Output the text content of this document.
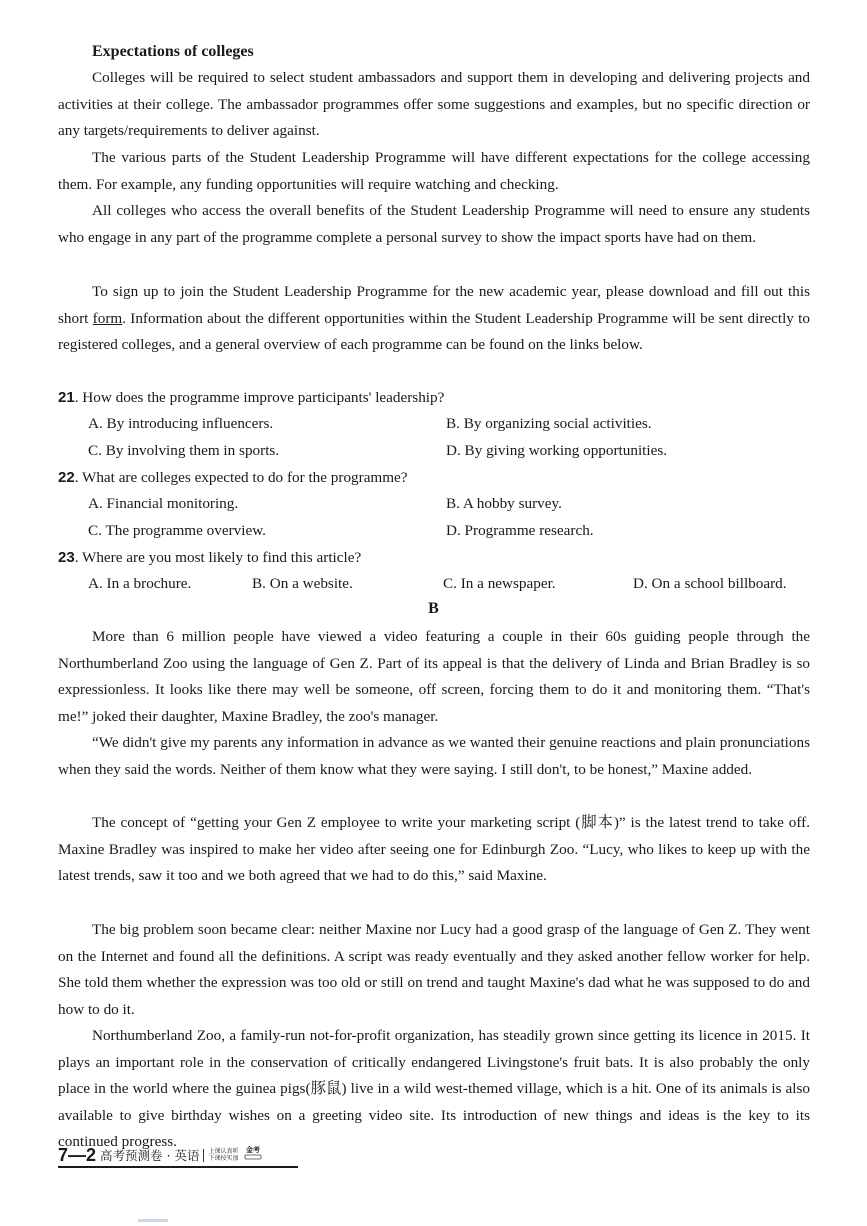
Expectations of colleges
Colleges will be required to select student ambassadors and support them in developing and delivering projects and activities at their college. The ambassador programmes offer some suggestions and examples, but no specific direction or any targets/requirements to deliver against.
The various parts of the Student Leadership Programme will have different expectations for the college accessing them. For example, any funding opportunities will require watching and checking.
All colleges who access the overall benefits of the Student Leadership Programme will need to ensure any students who engage in any part of the programme complete a personal survey to show the impact sports have had on them.
To sign up to join the Student Leadership Programme for the new academic year, please download and fill out this short form. Information about the different opportunities within the Student Leadership Programme will be sent directly to registered colleges, and a general overview of each programme can be found on the links below.
21. How does the programme improve participants' leadership?
A. By introducing influencers.	B. By organizing social activities.
C. By involving them in sports.	D. By giving working opportunities.
22. What are colleges expected to do for the programme?
A. Financial monitoring.	B. A hobby survey.
C. The programme overview.	D. Programme research.
23. Where are you most likely to find this article?
A. In a brochure.	B. On a website.	C. In a newspaper.	D. On a school billboard.
B
More than 6 million people have viewed a video featuring a couple in their 60s guiding people through the Northumberland Zoo using the language of Gen Z. Part of its appeal is that the delivery of Linda and Brian Bradley is so expressionless. It looks like there may well be someone, off screen, forcing them to do it and monitoring them. “That's me!” joked their daughter, Maxine Bradley, the zoo's manager.
“We didn't give my parents any information in advance as we wanted their genuine reactions and plain pronunciations when they said the words. Neither of them know what they were saying. I still don't, to be honest,” Maxine added.
The concept of “getting your Gen Z employee to write your marketing script (脚本)” is the latest trend to take off. Maxine Bradley was inspired to make her video after seeing one for Edinburgh Zoo. “Lucy, who likes to keep up with the latest trends, saw it too and we both agreed that we had to do this,” said Maxine.
The big problem soon became clear: neither Maxine nor Lucy had a good grasp of the language of Gen Z. They went on the Internet and found all the definitions. A script was ready eventually and they asked another fellow worker for help. She told them whether the expression was too old or still on trend and taught Maxine's dad what he was supposed to do and how to do it.
Northumberland Zoo, a family-run not-for-profit organization, has steadily grown since getting its licence in 2015. It plays an important role in the conservation of critically endangered Livingstone's fruit bats. It is also probably the only place in the world where the guinea pigs(豚鼠) live in a wild west-themed village, which is a hit. One of its animals is also available to give birthday wishes on a greeting video site. Its introduction of new things and ideas is the key to its continued progress.
7—2 高考预测卷 · 英语 上课认真听
下课按实加
金考
